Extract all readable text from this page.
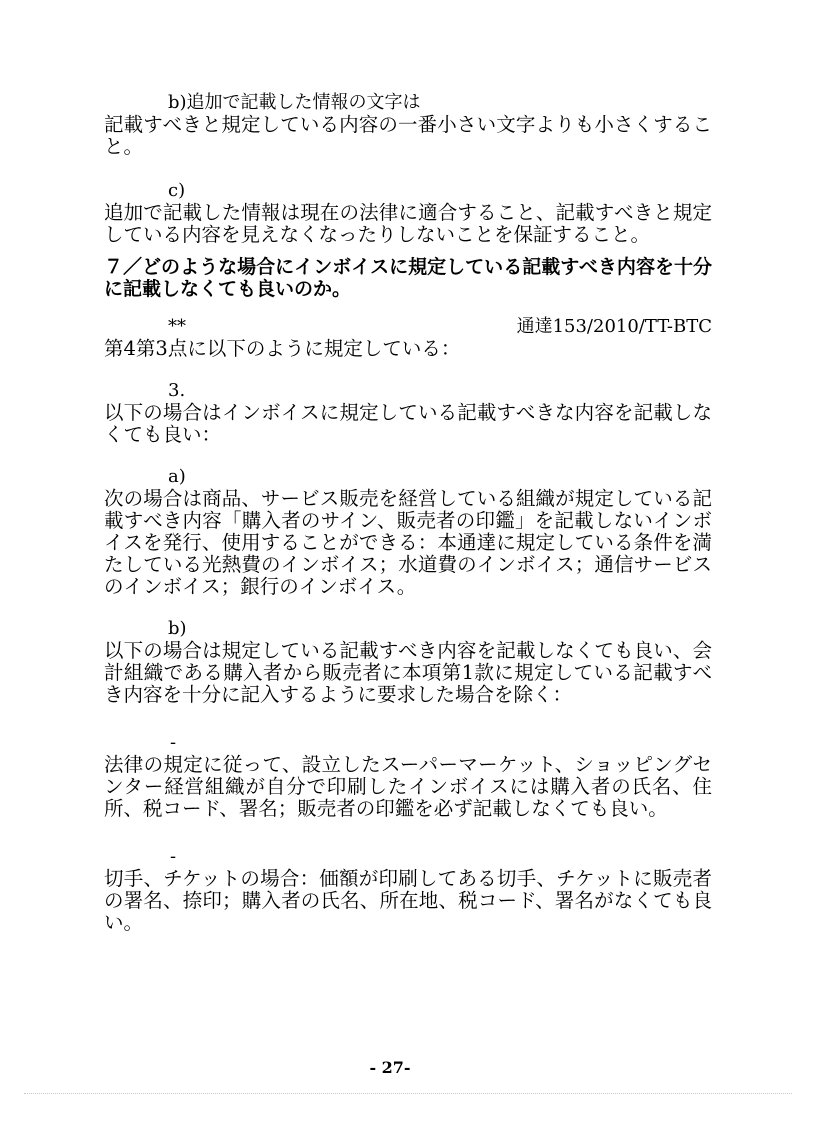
b)追加で記載した情報の文字は

記載すべきと規定している内容の一番小さい文字よりも小さくすること。

c)

追加で記載した情報は現在の法律に適合すること、記載すべきと規定している内容を見えなくなったりしないことを保証すること。

７／どのような場合にインボイスに規定している記載すべき内容を十分に記載しなくても良いのか。

**	通達153/2010/TT-BTC

第4第3点に以下のように規定している：

3.

以下の場合はインボイスに規定している記載すべきな内容を記載しなくても良い：

a)

次の場合は商品、サービス販売を経営している組織が規定している記載すべき内容「購入者のサイン、販売者の印鑑」を記載しないインボイスを発行、使用することができる：本通達に規定している条件を満たしている光熱費のインボイス；水道費のインボイス；通信サービスのインボイス；銀行のインボイス。

b)

以下の場合は規定している記載すべき内容を記載しなくても良い、会計組織である購入者から販売者に本項第1款に規定している記載すべき内容を十分に記入するように要求した場合を除く：

-

法律の規定に従って、設立したスーパーマーケット、ショッピングセンター経営組織が自分で印刷したインボイスには購入者の氏名、住所、税コード、署名；販売者の印鑑を必ず記載しなくても良い。

-

切手、チケットの場合：価額が印刷してある切手、チケットに販売者の署名、捺印；購入者の氏名、所在地、税コード、署名がなくても良い。

- 27-
